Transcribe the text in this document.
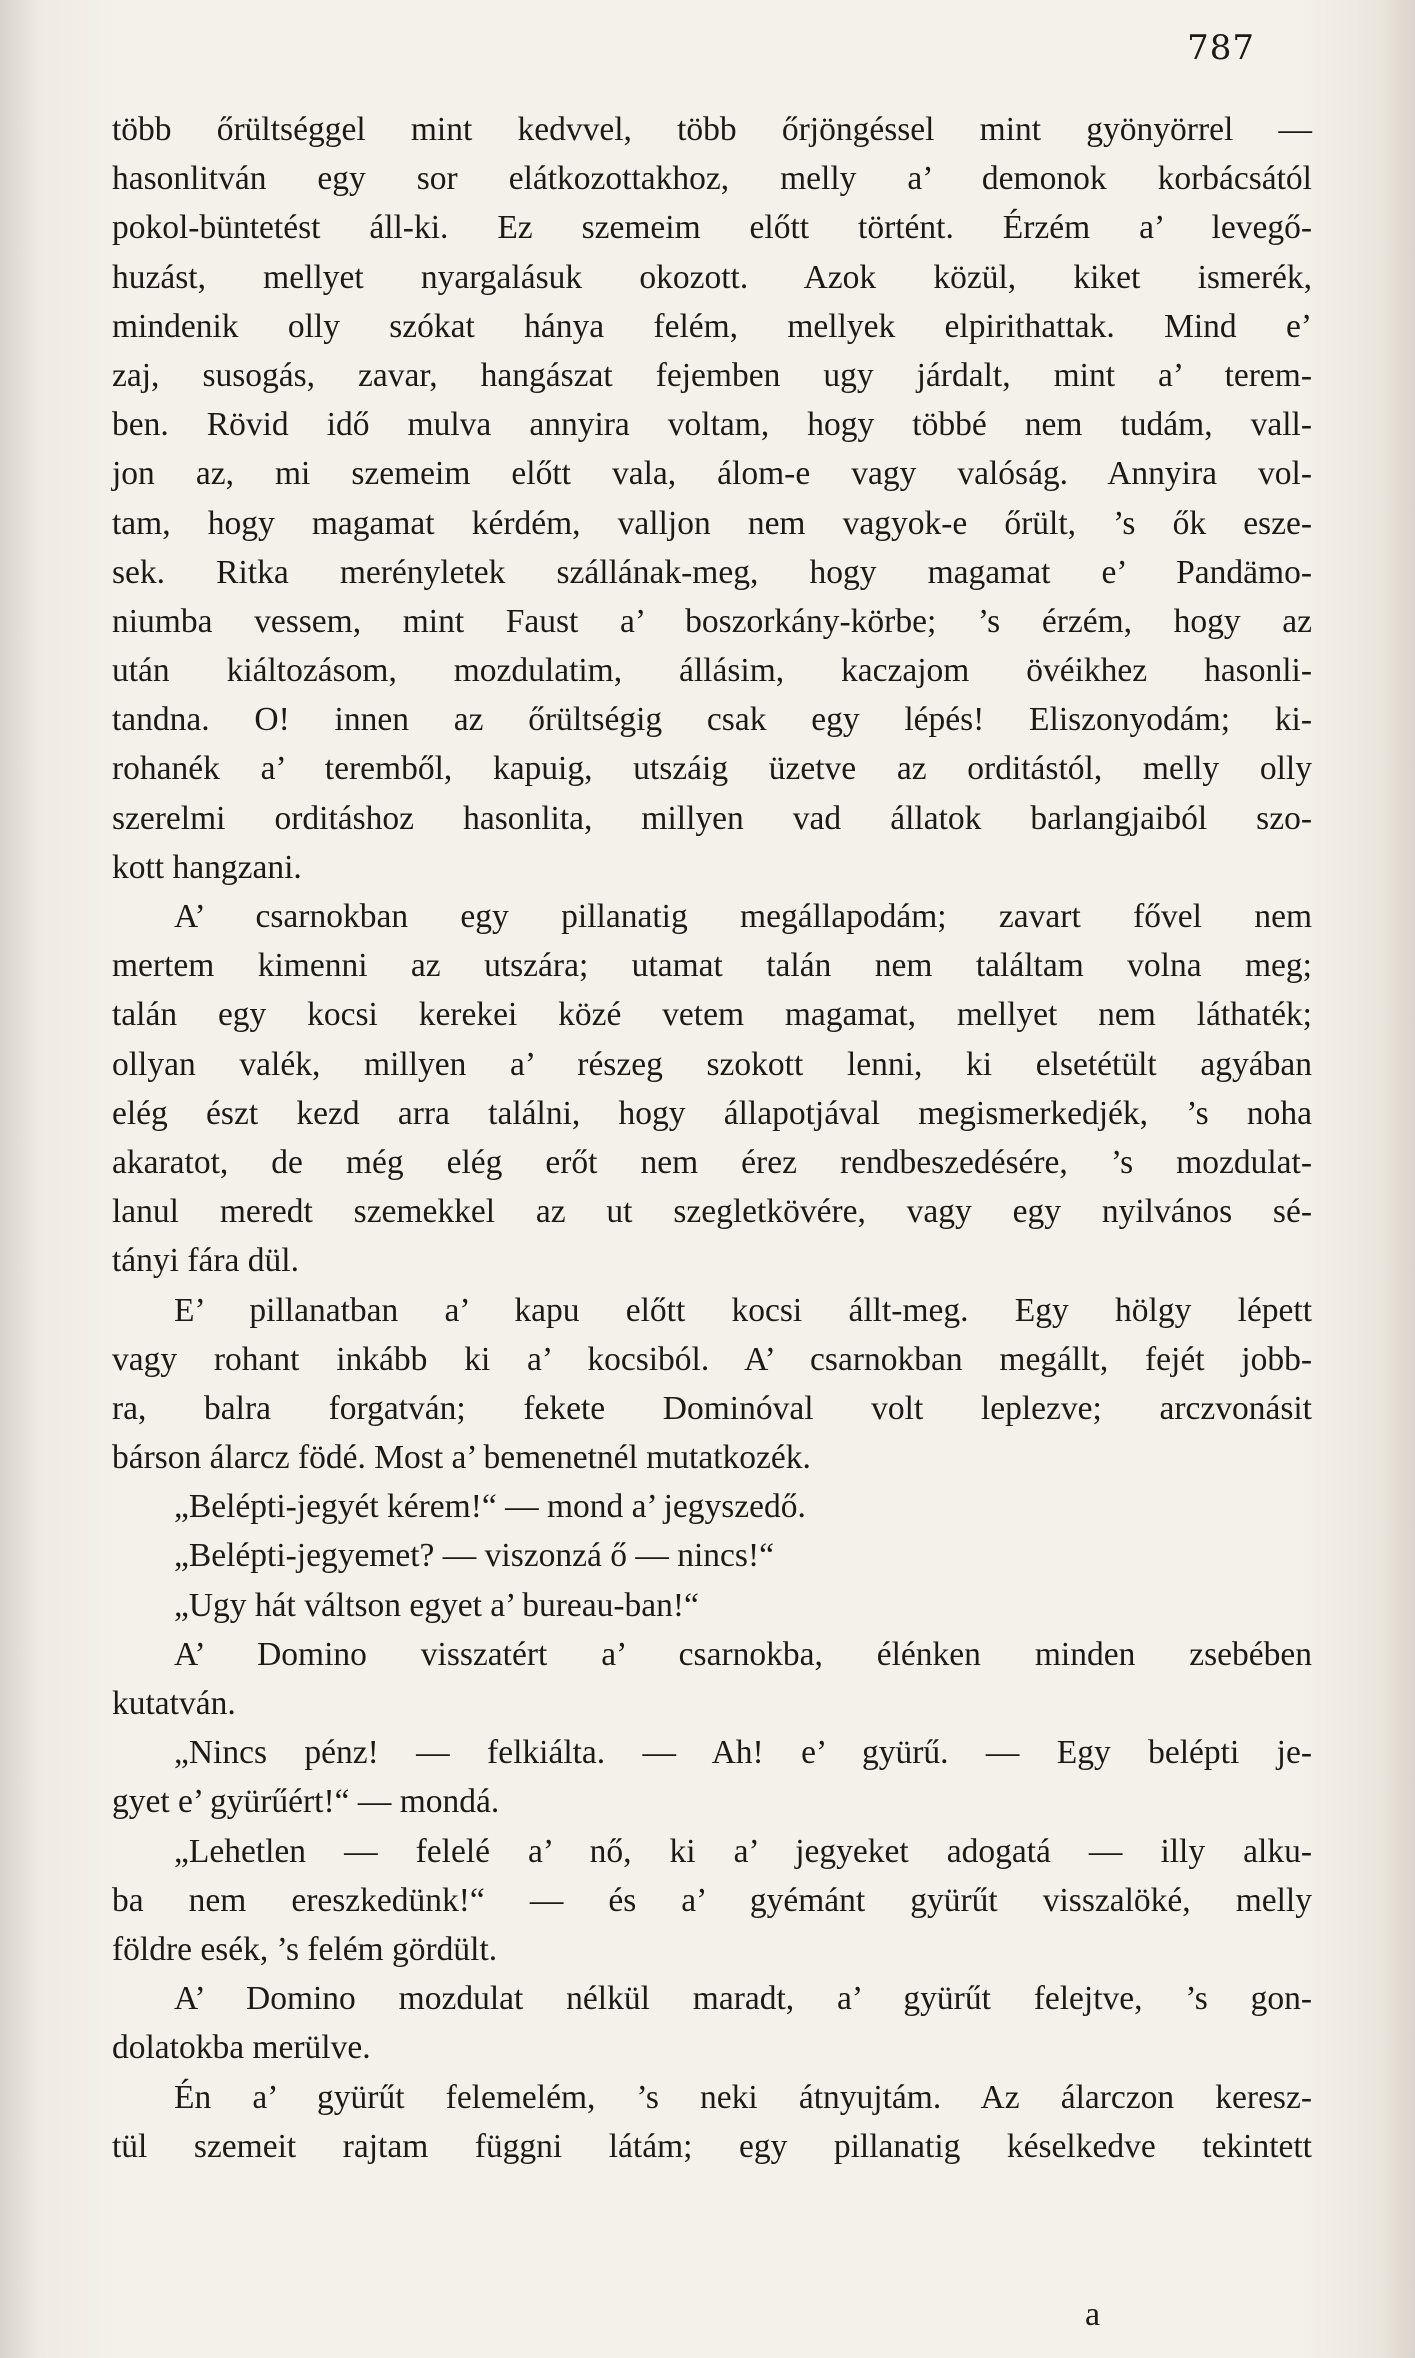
787
több őrültséggel mint kedvvel, több őrjöngéssel mint gyönyörrel —
hasonlitván egy sor elátkozottakhoz, melly a’ demonok korbácsától
pokol-büntetést áll-ki. Ez szemeim előtt történt. Érzém a’ levegő-
huzást, mellyet nyargalásuk okozott. Azok közül, kiket ismerék,
mindenik olly szókat hánya felém, mellyek elpirithattak. Mind e’
zaj, susogás, zavar, hangászat fejemben ugy járdalt, mint a’ terem-
ben. Rövid idő mulva annyira voltam, hogy többé nem tudám, vall-
jon az, mi szemeim előtt vala, álom-e vagy valóság. Annyira vol-
tam, hogy magamat kérdém, valljon nem vagyok-e őrült, ’s ők esze-
sek. Ritka merényletek szállának-meg, hogy magamat e’ Pandämo-
niumba vessem, mint Faust a’ boszorkány-körbe; ’s érzém, hogy az
után kiáltozásom, mozdulatim, állásim, kaczajom övéikhez hasonli-
tandna. O! innen az őrültségig csak egy lépés! Eliszonyodám; ki-
rohanék a’ teremből, kapuig, utszáig üzetve az orditástól, melly olly
szerelmi orditáshoz hasonlita, millyen vad állatok barlangjaiból szo-
kott hangzani.
A’ csarnokban egy pillanatig megállapodám; zavart fővel nem
mertem kimenni az utszára; utamat talán nem találtam volna meg;
talán egy kocsi kerekei közé vetem magamat, mellyet nem láthaték;
ollyan valék, millyen a’ részeg szokott lenni, ki elsetétült agyában
elég észt kezd arra találni, hogy állapotjával megismerkedjék, ’s noha
akaratot, de még elég erőt nem érez rendbeszedésére, ’s mozdulat-
lanul meredt szemekkel az ut szegletkövére, vagy egy nyilvános sé-
tányi fára dül.
E’ pillanatban a’ kapu előtt kocsi állt-meg. Egy hölgy lépett
vagy rohant inkább ki a’ kocsiból. A’ csarnokban megállt, fejét jobb-
ra, balra forgatván; fekete Dominóval volt leplezve; arczvonásit
bárson álarcz födé. Most a’ bemenetnél mutatkozék.
„Belépti-jegyét kérem!“ — mond a’ jegyszedő.
„Belépti-jegyemet? — viszonzá ő — nincs!“
„Ugy hát váltson egyet a’ bureau-ban!“
A’ Domino visszatért a’ csarnokba, élénken minden zsebében
kutatván.
„Nincs pénz! — felkiálta. — Ah! e’ gyürű. — Egy belépti je-
gyet e’ gyürűért!“ — mondá.
„Lehetlen — felelé a’ nő, ki a’ jegyeket adogatá — illy alku-
ba nem ereszkedünk!“ — és a’ gyémánt gyürűt visszalöké, melly
földre esék, ’s felém gördült.
A’ Domino mozdulat nélkül maradt, a’ gyürűt felejtve, ’s gon-
dolatokba merülve.
Én a’ gyürűt felemelém, ’s neki átnyujtám. Az álarczon keresz-
tül szemeit rajtam függni látám; egy pillanatig késelkedve tekintett
a
